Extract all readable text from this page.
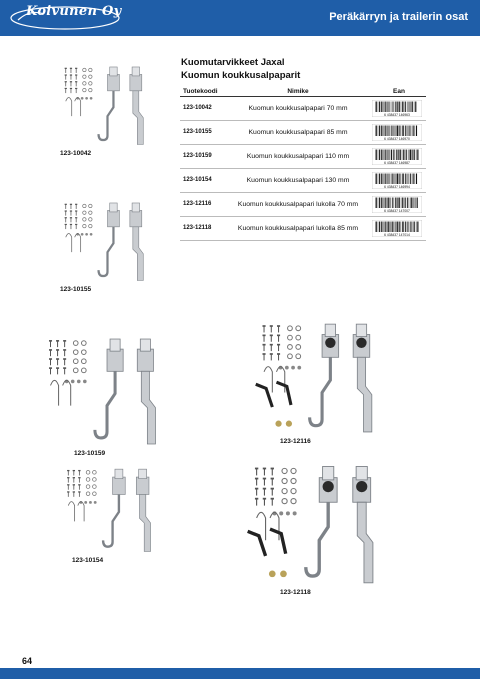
Koivunen Oy	Peräkärryn ja trailerin osat
Kuomutarvikkeet Jaxal
Kuomun koukkusalpaparit
Tuotekoodi	Nimike	Ean
123-10042	Kuomun koukkusalpapari 70 mm	6 438437 146963

123-10155	Kuomun koukkusalpapari 85 mm	6 438437 146970

123-10159	Kuomun koukkusalpapari 110 mm	6 438437 146987

123-10154	Kuomun koukkusalpapari 130 mm	6 438437 146994

123-12116	Kuomun koukkusalpapari lukolla 70 mm	6 438437 147007

123-12118	Kuomun koukkusalpapari lukolla 85 mm	6 438437 147014
123-10042
123-10155
123-10159
123-12116
123-10154
123-12118
64
